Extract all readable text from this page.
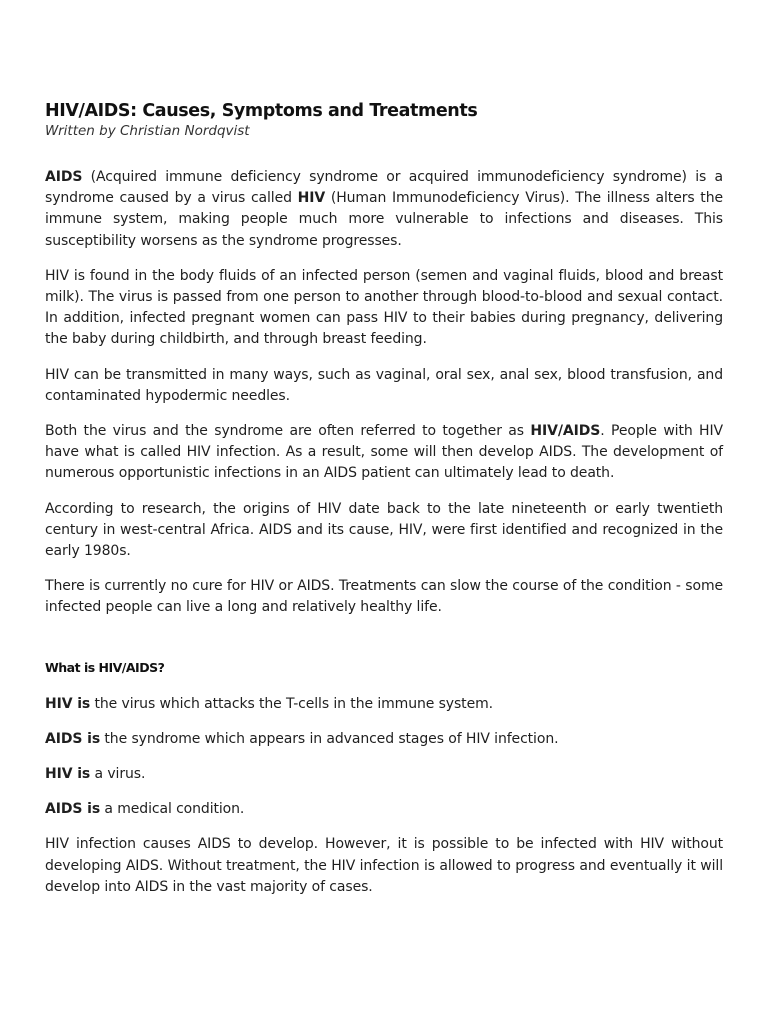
HIV/AIDS: Causes, Symptoms and Treatments

Written by Christian Nordqvist

AIDS (Acquired immune deficiency syndrome or acquired immunodeficiency syndrome) is a syndrome caused by a virus called HIV (Human Immunodeficiency Virus). The illness alters the immune system, making people much more vulnerable to infections and diseases. This susceptibility worsens as the syndrome progresses.

HIV is found in the body fluids of an infected person (semen and vaginal fluids, blood and breast milk). The virus is passed from one person to another through blood-to-blood and sexual contact. In addition, infected pregnant women can pass HIV to their babies during pregnancy, delivering the baby during childbirth, and through breast feeding.

HIV can be transmitted in many ways, such as vaginal, oral sex, anal sex, blood transfusion, and contaminated hypodermic needles.

Both the virus and the syndrome are often referred to together as HIV/AIDS. People with HIV have what is called HIV infection. As a result, some will then develop AIDS. The development of numerous opportunistic infections in an AIDS patient can ultimately lead to death.

According to research, the origins of HIV date back to the late nineteenth or early twentieth century in west-central Africa. AIDS and its cause, HIV, were first identified and recognized in the early 1980s.

There is currently no cure for HIV or AIDS. Treatments can slow the course of the condition - some infected people can live a long and relatively healthy life.

What is HIV/AIDS?

HIV is the virus which attacks the T-cells in the immune system.

AIDS is the syndrome which appears in advanced stages of HIV infection.

HIV is a virus.

AIDS is a medical condition.

HIV infection causes AIDS to develop. However, it is possible to be infected with HIV without developing AIDS. Without treatment, the HIV infection is allowed to progress and eventually it will develop into AIDS in the vast majority of cases.
